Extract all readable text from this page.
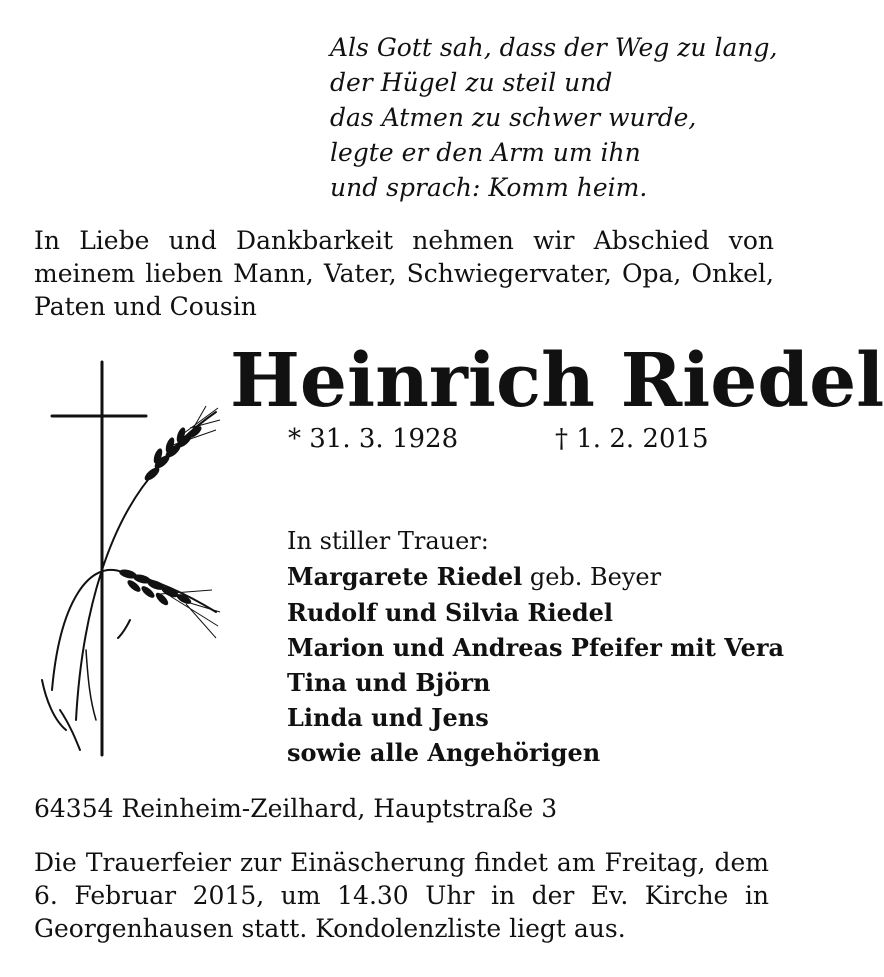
Als Gott sah, dass der Weg zu lang,
der Hügel zu steil und
das Atmen zu schwer wurde,
legte er den Arm um ihn
und sprach: Komm heim.
In Liebe und Dankbarkeit nehmen wir Abschied von
meinem lieben Mann, Vater, Schwiegervater, Opa, Onkel,
Paten und Cousin
Heinrich Riedel
* 31. 3. 1928	† 1. 2. 2015
In stiller Trauer:
Margarete Riedel geb. Beyer
Rudolf und Silvia Riedel
Marion und Andreas Pfeifer mit Vera
Tina und Björn
Linda und Jens
sowie alle Angehörigen
64354 Reinheim-Zeilhard, Hauptstraße 3
Die Trauerfeier zur Einäscherung findet am Freitag, dem
6. Februar 2015, um 14.30 Uhr in der Ev. Kirche in
Georgenhausen statt. Kondolenzliste liegt aus.
